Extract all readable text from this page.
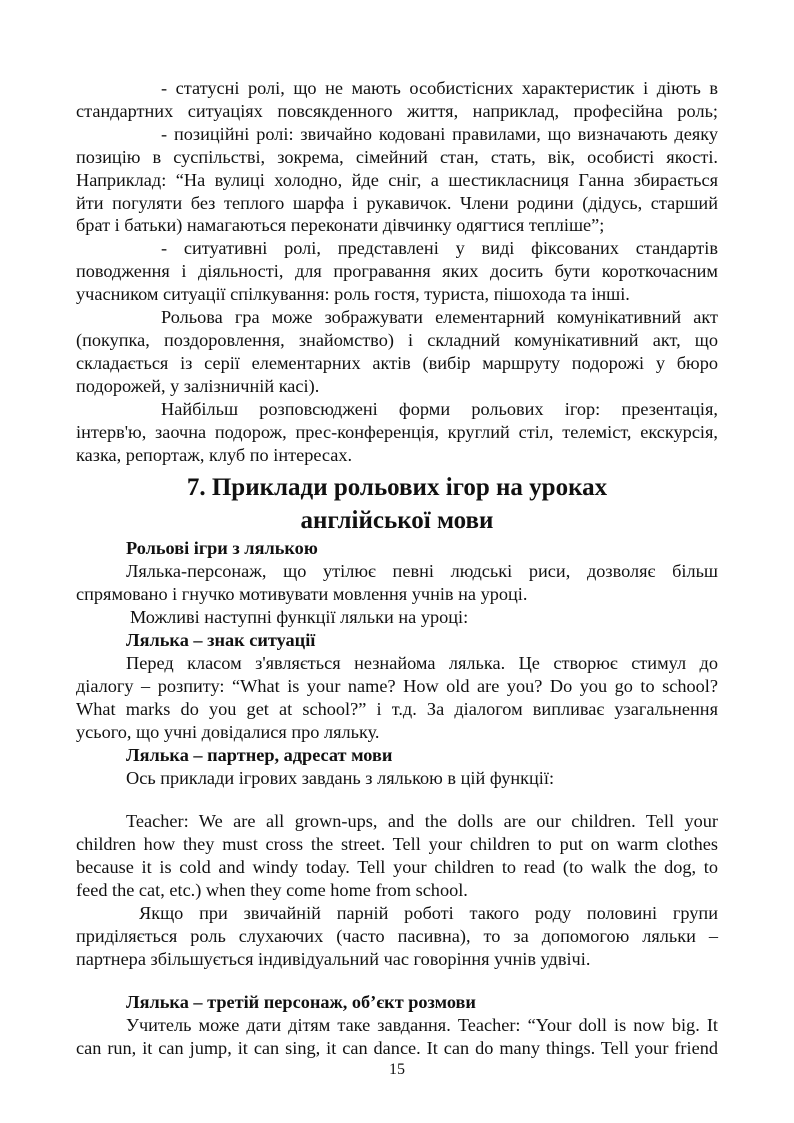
- статусні ролі, що не мають особистісних характеристик і діють в
стандартних ситуаціях повсякденного життя, наприклад, професійна роль;
- позиційні ролі: звичайно кодовані правилами, що визначають деяку
позицію в суспільстві, зокрема, сімейний стан, стать, вік, особисті якості.
Наприклад: “На вулиці холодно, йде сніг, а шестикласниця Ганна збирається
йти погуляти без теплого шарфа і рукавичок. Члени родини (дідусь, старший
брат і батьки) намагаються переконати дівчинку одягтися тепліше”;
- ситуативні ролі, представлені у виді фіксованих стандартів
поводження і діяльності, для програвання яких досить бути короткочасним
учасником ситуації спілкування: роль гостя, туриста, пішохода та інші.
Рольова гра може зображувати елементарний комунікативний акт
(покупка, поздоровлення, знайомство) і складний комунікативний акт, що
складається із серії елементарних актів (вибір маршруту подорожі у бюро
подорожей, у залізничній касі).
Найбільш розповсюджені форми рольових ігор: презентація,
інтерв'ю, заочна подорож, прес-конференція, круглий стіл, телеміст, екскурсія,
казка, репортаж, клуб по інтересах.
7. Приклади рольових ігор на уроках
англійської мови
Рольові ігри з лялькою
Лялька-персонаж, що утілює певні людські риси, дозволяє більш
спрямовано і гнучко мотивувати мовлення учнів на уроці.
Можливі наступні функції ляльки на уроці:
Лялька – знак ситуації
Перед класом з'являється незнайома лялька. Це створює стимул до
діалогу – розпиту: “What is your name? How old are you? Do you go to school?
What marks do you get at school?” і т.д. За діалогом випливає узагальнення
усього, що учні довідалися про ляльку.
Лялька – партнер, адресат мови
Ось приклади ігрових завдань з лялькою в цій функції:
Teacher: We are all grown-ups, and the dolls are our children. Tell your
children how they must cross the street. Tell your children to put on warm clothes
because it is cold and windy today. Tell your children to read (to walk the dog, to
feed the cat, etc.) when they come home from school.
Якщо при звичайній парній роботі такого роду половині групи
приділяється роль слухаючих (часто пасивна), то за допомогою ляльки –
партнера збільшується індивідуальний час говоріння учнів удвічі.
Лялька – третій персонаж, об’єкт розмови
Учитель може дати дітям таке завдання. Teacher: “Your doll is now big. It
can run, it can jump, it can sing, it can dance. It can do many things. Tell your friend
15
